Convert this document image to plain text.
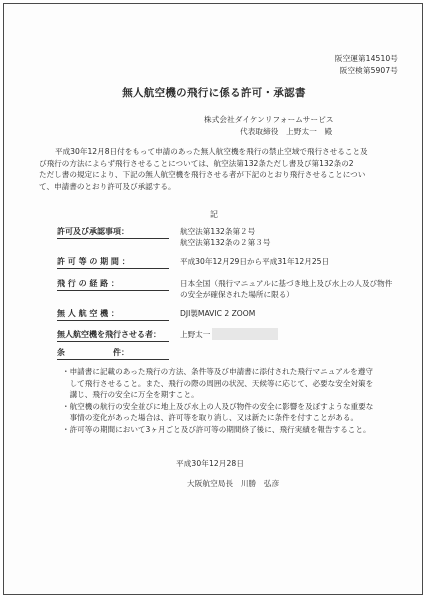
阪空運第14510号
阪空検第5907号
無人航空機の飛行に係る許可・承認書
株式会社ダイケンリフォームサービス
代表取締役　上野太一　殿
平成30年12月8日付をもって申請のあった無人航空機を飛行の禁止空域で飛行させること及
び飛行の方法によらず飛行させることについては、航空法第132条ただし書及び第132条の2
ただし書の規定により、下記の無人航空機を飛行させる者が下記のとおり飛行させることについ
て、申請書のとおり許可及び承認する。
記
許可及び承認事項：	航空法第132条第２号
航空法第132条の２第３号
許 可 等 の 期 間 ：	平成30年12月29日から平成31年12月25日
飛 行 の 経 路 ：	日本全国（飛行マニュアルに基づき地上及び水上の人及び物件
の安全が確保された場所に限る）
無 人 航 空 機 ：	DJI製MAVIC 2 ZOOM
無人航空機を飛行させる者：	上野太一
条　　　　　　件：
・申請書に記載のあった飛行の方法、条件等及び申請書に添付された飛行マニュアルを遵守
　して飛行させること。また、飛行の際の周囲の状況、天候等に応じて、必要な安全対策を
　講じ、飛行の安全に万全を期すこと。
・航空機の航行の安全並びに地上及び水上の人及び物件の安全に影響を及ぼすような重要な
　事情の変化があった場合は、許可等を取り消し、又は新たに条件を付すことがある。
・許可等の期間において3ヶ月ごと及び許可等の期間終了後に、飛行実績を報告すること。
平成30年12月28日
大阪航空局長　川勝　弘彦
